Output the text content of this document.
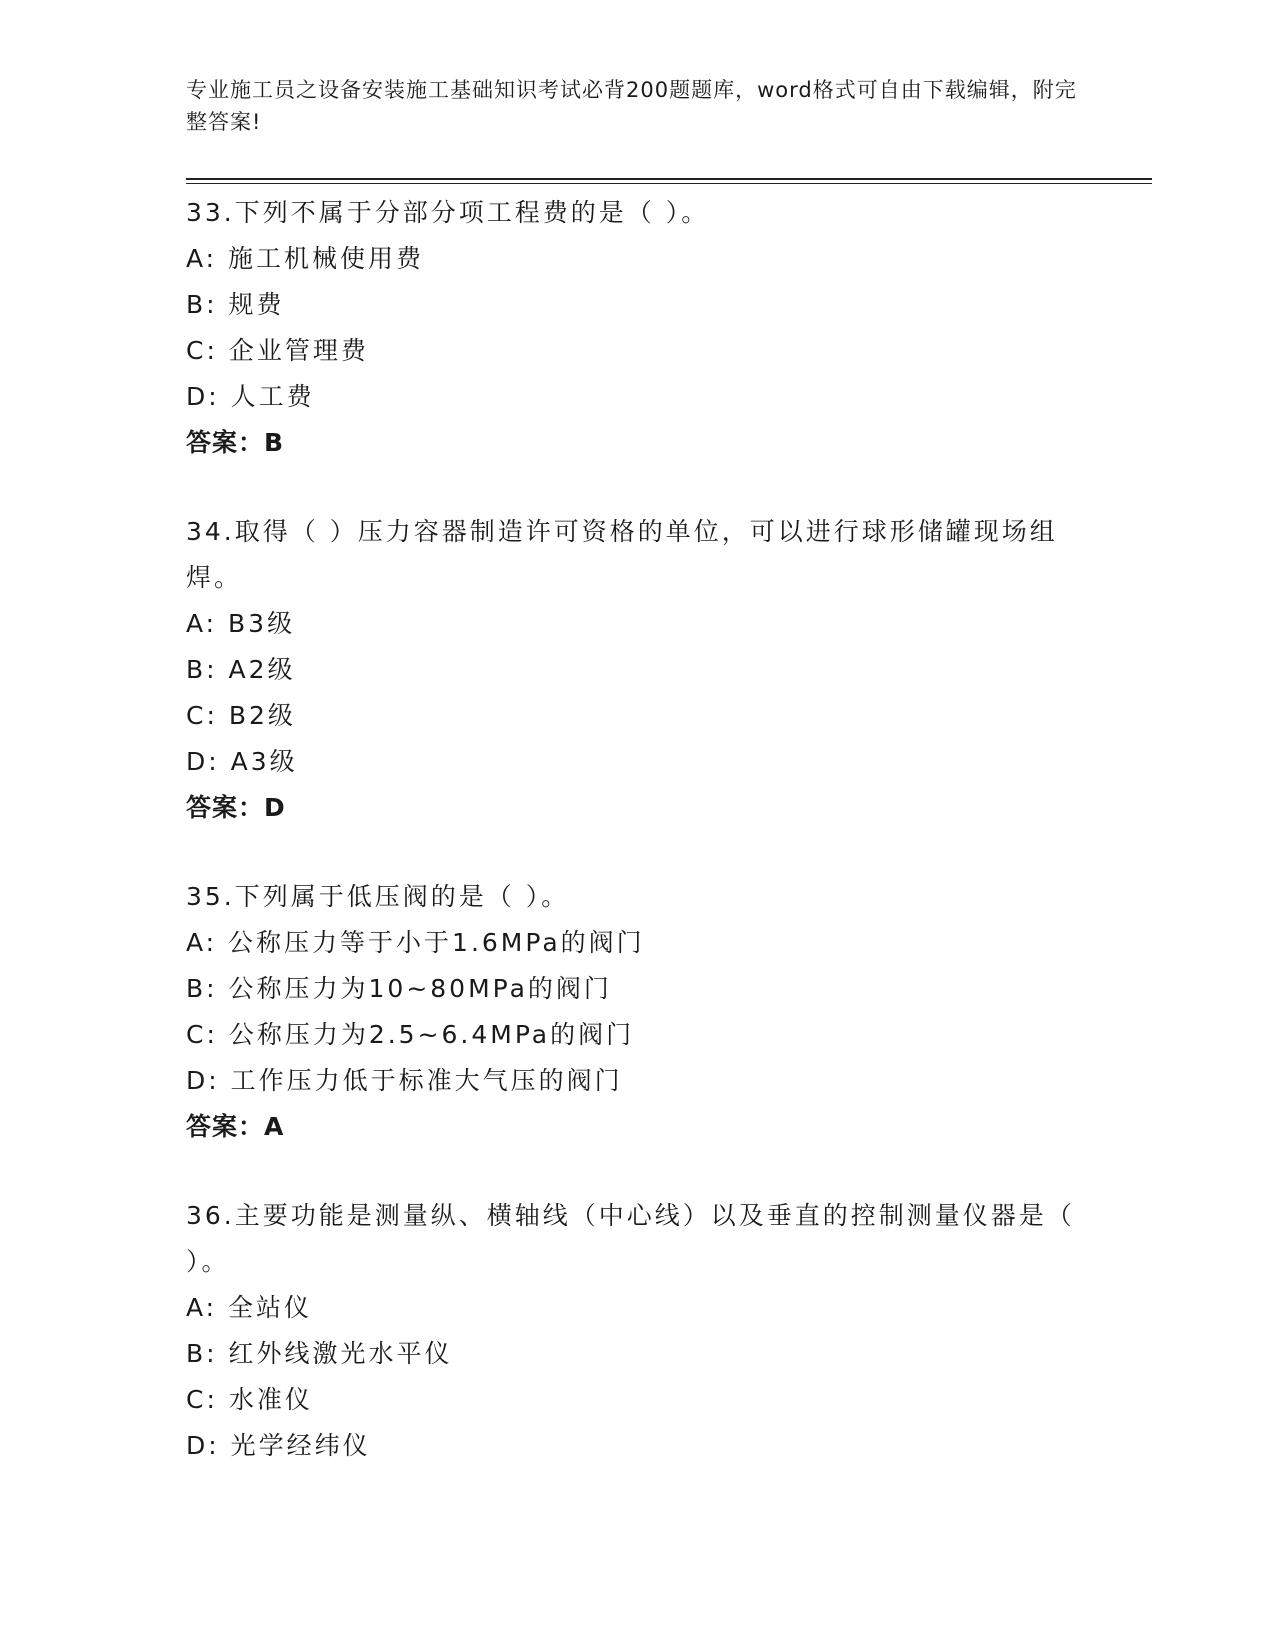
专业施工员之设备安装施工基础知识考试必背200题题库，word格式可自由下载编辑，附完整答案!
33.下列不属于分部分项工程费的是（ ）。
A: 施工机械使用费
B: 规费
C: 企业管理费
D: 人工费
答案：B
34.取得（ ）压力容器制造许可资格的单位，可以进行球形储罐现场组焊。
A: B3级
B: A2级
C: B2级
D: A3级
答案：D
35.下列属于低压阀的是（ ）。
A: 公称压力等于小于1.6MPa的阀门
B: 公称压力为10~80MPa的阀门
C: 公称压力为2.5~6.4MPa的阀门
D: 工作压力低于标准大气压的阀门
答案：A
36.主要功能是测量纵、横轴线（中心线）以及垂直的控制测量仪器是（ ）。
A: 全站仪
B: 红外线激光水平仪
C: 水准仪
D: 光学经纬仪
